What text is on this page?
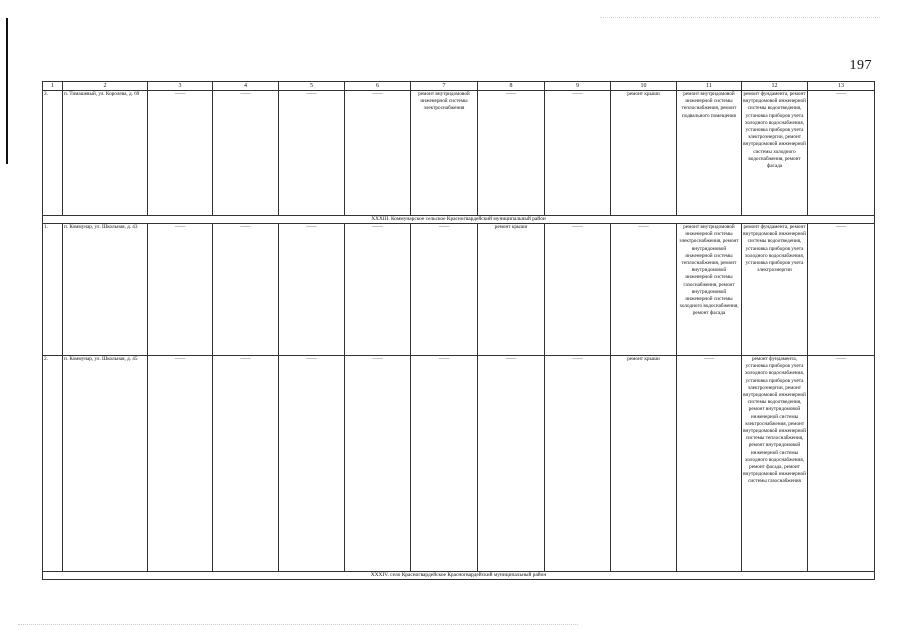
197
1	2	3	4	5	6	7	8	9	10	11	12	13
3.	п. Тимашевый, ул. Королева, д. 69	——	——	——	——	ремонт внутридомовой инженерной системы электроснабжения	——	——	ремонт крыши	ремонт внутридомовой инженерной системы теплоснабжения, ремонт подвального помещения	ремонт фундамента, ремонт внутридомовой инженерной системы водоотведения, установка приборов учета холодного водоснабжения, установка приборов учета электроэнергии, ремонт внутридомовой инженерной системы холодного водоснабжения, ремонт фасада	——
XXXIII. Коммунарское сельское Красногвардейский муниципальный район												
1.	п. Коммунар, ул. Школьная, д. 43	——	——	——	——	——	ремонт крыши	——	——	ремонт внутридомовой инженерной системы электроснабжения, ремонт внутридомовой инженерной системы теплоснабжения, ремонт внутридомовой инженерной системы газоснабжения, ремонт внутридомовой инженерной системы холодного водоснабжения, ремонт фасада	ремонт фундамента, ремонт внутридомовой инженерной системы водоотведения, установка приборов учета холодного водоснабжения, установка приборов учета электроэнергии	——
2.	п. Коммунар, ул. Школьная, д. 45	——	——	——	——	——	——	——	ремонт крыши	——	ремонт фундамента, установка приборов учета холодного водоснабжения, установка приборов учета электроэнергии, ремонт внутридомовой инженерной системы водоотведения, ремонт внутридомовой инженерной системы электроснабжения, ремонт внутридомовой инженерной системы теплоснабжения, ремонт внутридомовой инженерной системы холодного водоснабжения, ремонт фасада, ремонт внутридомовой инженерной системы газоснабжения	——
XXXIV. село Красногвардейское Красногвардейский муниципальный район												
